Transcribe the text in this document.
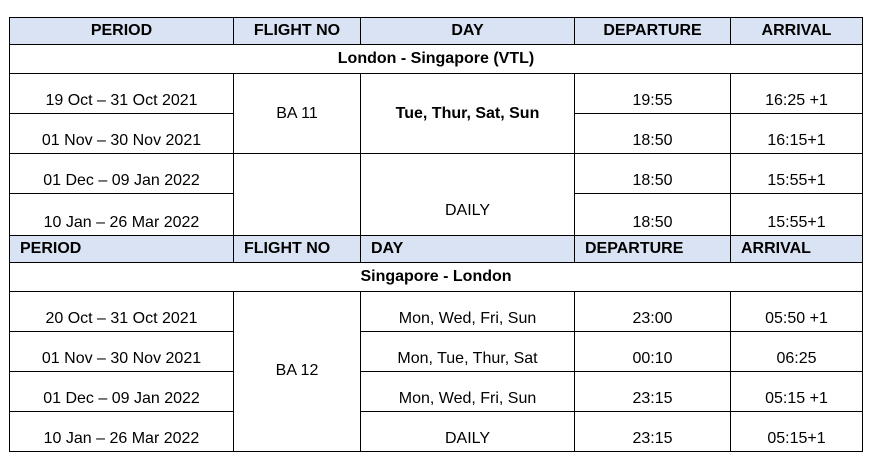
PERIOD	FLIGHT NO	DAY	DEPARTURE	ARRIVAL
London - Singapore (VTL)				
19 Oct – 31 Oct 2021	BA 11	Tue, Thur, Sat, Sun	19:55	16:25 +1
01 Nov – 30 Nov 2021			18:50	16:15+1
01 Dec – 09 Jan 2022			18:50	15:55+1
10 Jan – 26 Mar 2022		DAILY	18:50	15:55+1
PERIOD	FLIGHT NO	DAY	DEPARTURE	ARRIVAL
Singapore - London				
20 Oct – 31 Oct 2021	BA 12	Mon, Wed, Fri, Sun	23:00	05:50 +1
01 Nov – 30 Nov 2021		Mon, Tue, Thur, Sat	00:10	06:25
01 Dec – 09 Jan 2022		Mon, Wed, Fri, Sun	23:15	05:15 +1
10 Jan – 26 Mar 2022		DAILY	23:15	05:15+1
